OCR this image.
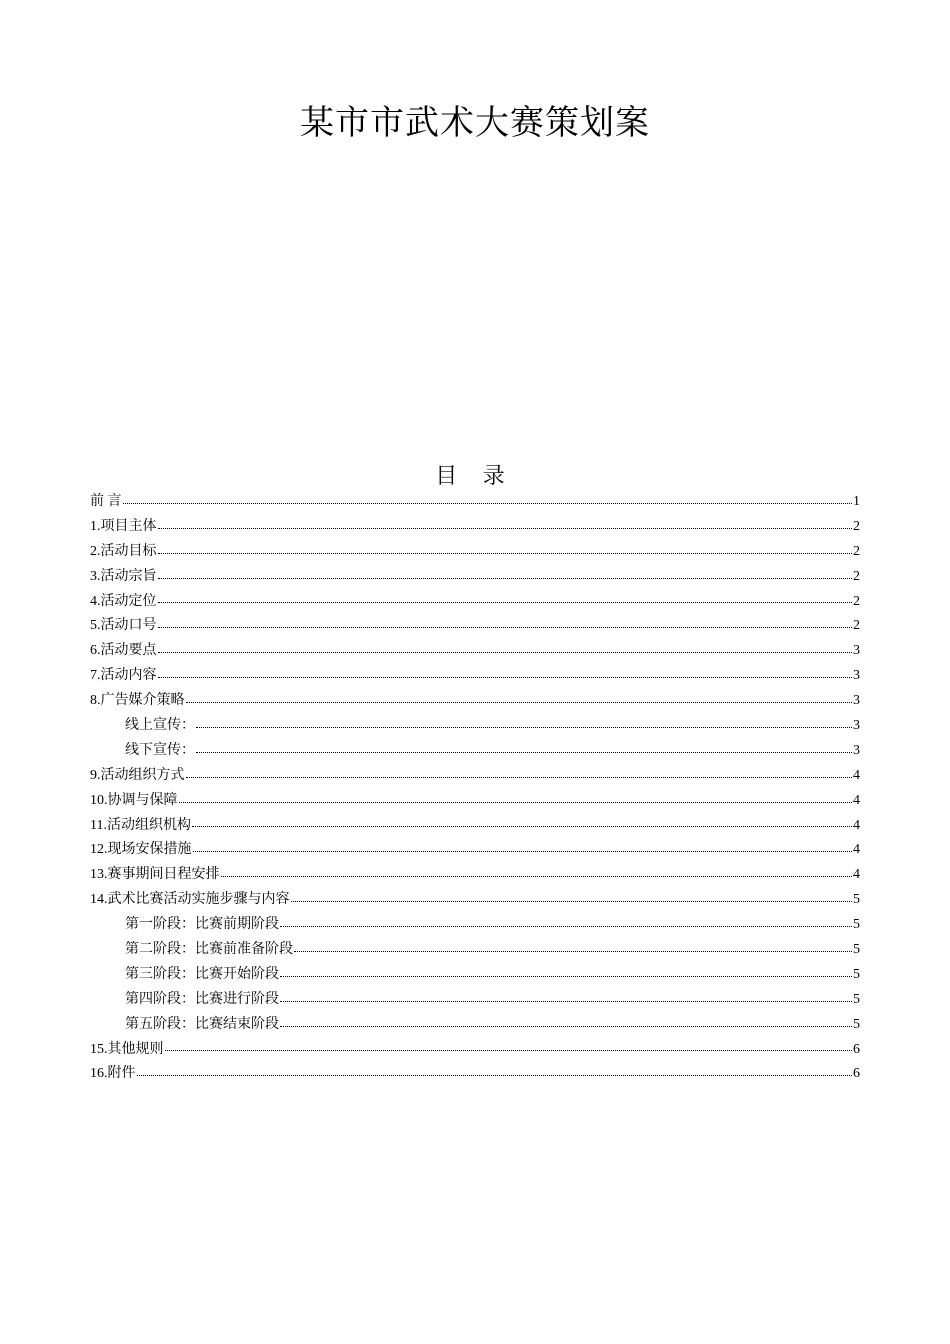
某市市武术大赛策划案
目 录
前 言	1
1.项目主体	2
2.活动目标	2
3.活动宗旨	2
4.活动定位	2
5.活动口号	2
6.活动要点	3
7.活动内容	3
8.广告媒介策略	3
线上宣传：	3
线下宣传：	3
9.活动组织方式	4
10.协调与保障	4
11.活动组织机构	4
12.现场安保措施	4
13.赛事期间日程安排	4
14.武术比赛活动实施步骤与内容	5
第一阶段：比赛前期阶段	5
第二阶段：比赛前准备阶段	5
第三阶段：比赛开始阶段	5
第四阶段：比赛进行阶段	5
第五阶段：比赛结束阶段	5
15.其他规则	6
16.附件	6
